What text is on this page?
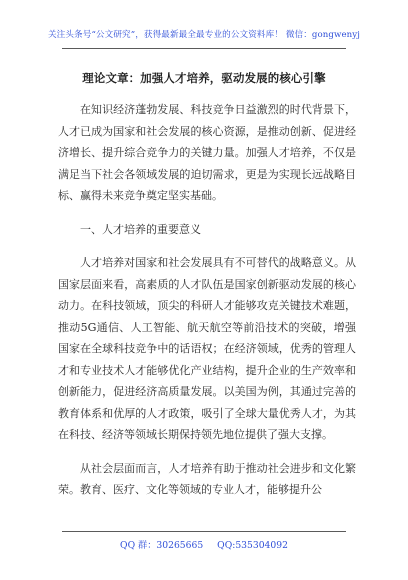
关注头条号“公文研究”，获得最新最全最专业的公文资料库！ 微信：gongwenyj
理论文章：加强人才培养，驱动发展的核心引擎

在知识经济蓬勃发展、科技竞争日益激烈的时代背景下，人才已成为国家和社会发展的核心资源，是推动创新、促进经济增长、提升综合竞争力的关键力量。加强人才培养，不仅是满足当下社会各领域发展的迫切需求，更是为实现长远战略目标、赢得未来竞争奠定坚实基础。

一、人才培养的重要意义

人才培养对国家和社会发展具有不可替代的战略意义。从国家层面来看，高素质的人才队伍是国家创新驱动发展的核心动力。在科技领域，顶尖的科研人才能够攻克关键技术难题，推动5G通信、人工智能、航天航空等前沿技术的突破，增强国家在全球科技竞争中的话语权；在经济领域，优秀的管理人才和专业技术人才能够优化产业结构，提升企业的生产效率和创新能力，促进经济高质量发展。以美国为例，其通过完善的教育体系和优厚的人才政策，吸引了全球大量优秀人才，为其在科技、经济等领域长期保持领先地位提供了强大支撑。

从社会层面而言，人才培养有助于推动社会进步和文化繁荣。教育、医疗、文化等领域的专业人才，能够提升公

QQ 群：30265665 QQ:535304092
